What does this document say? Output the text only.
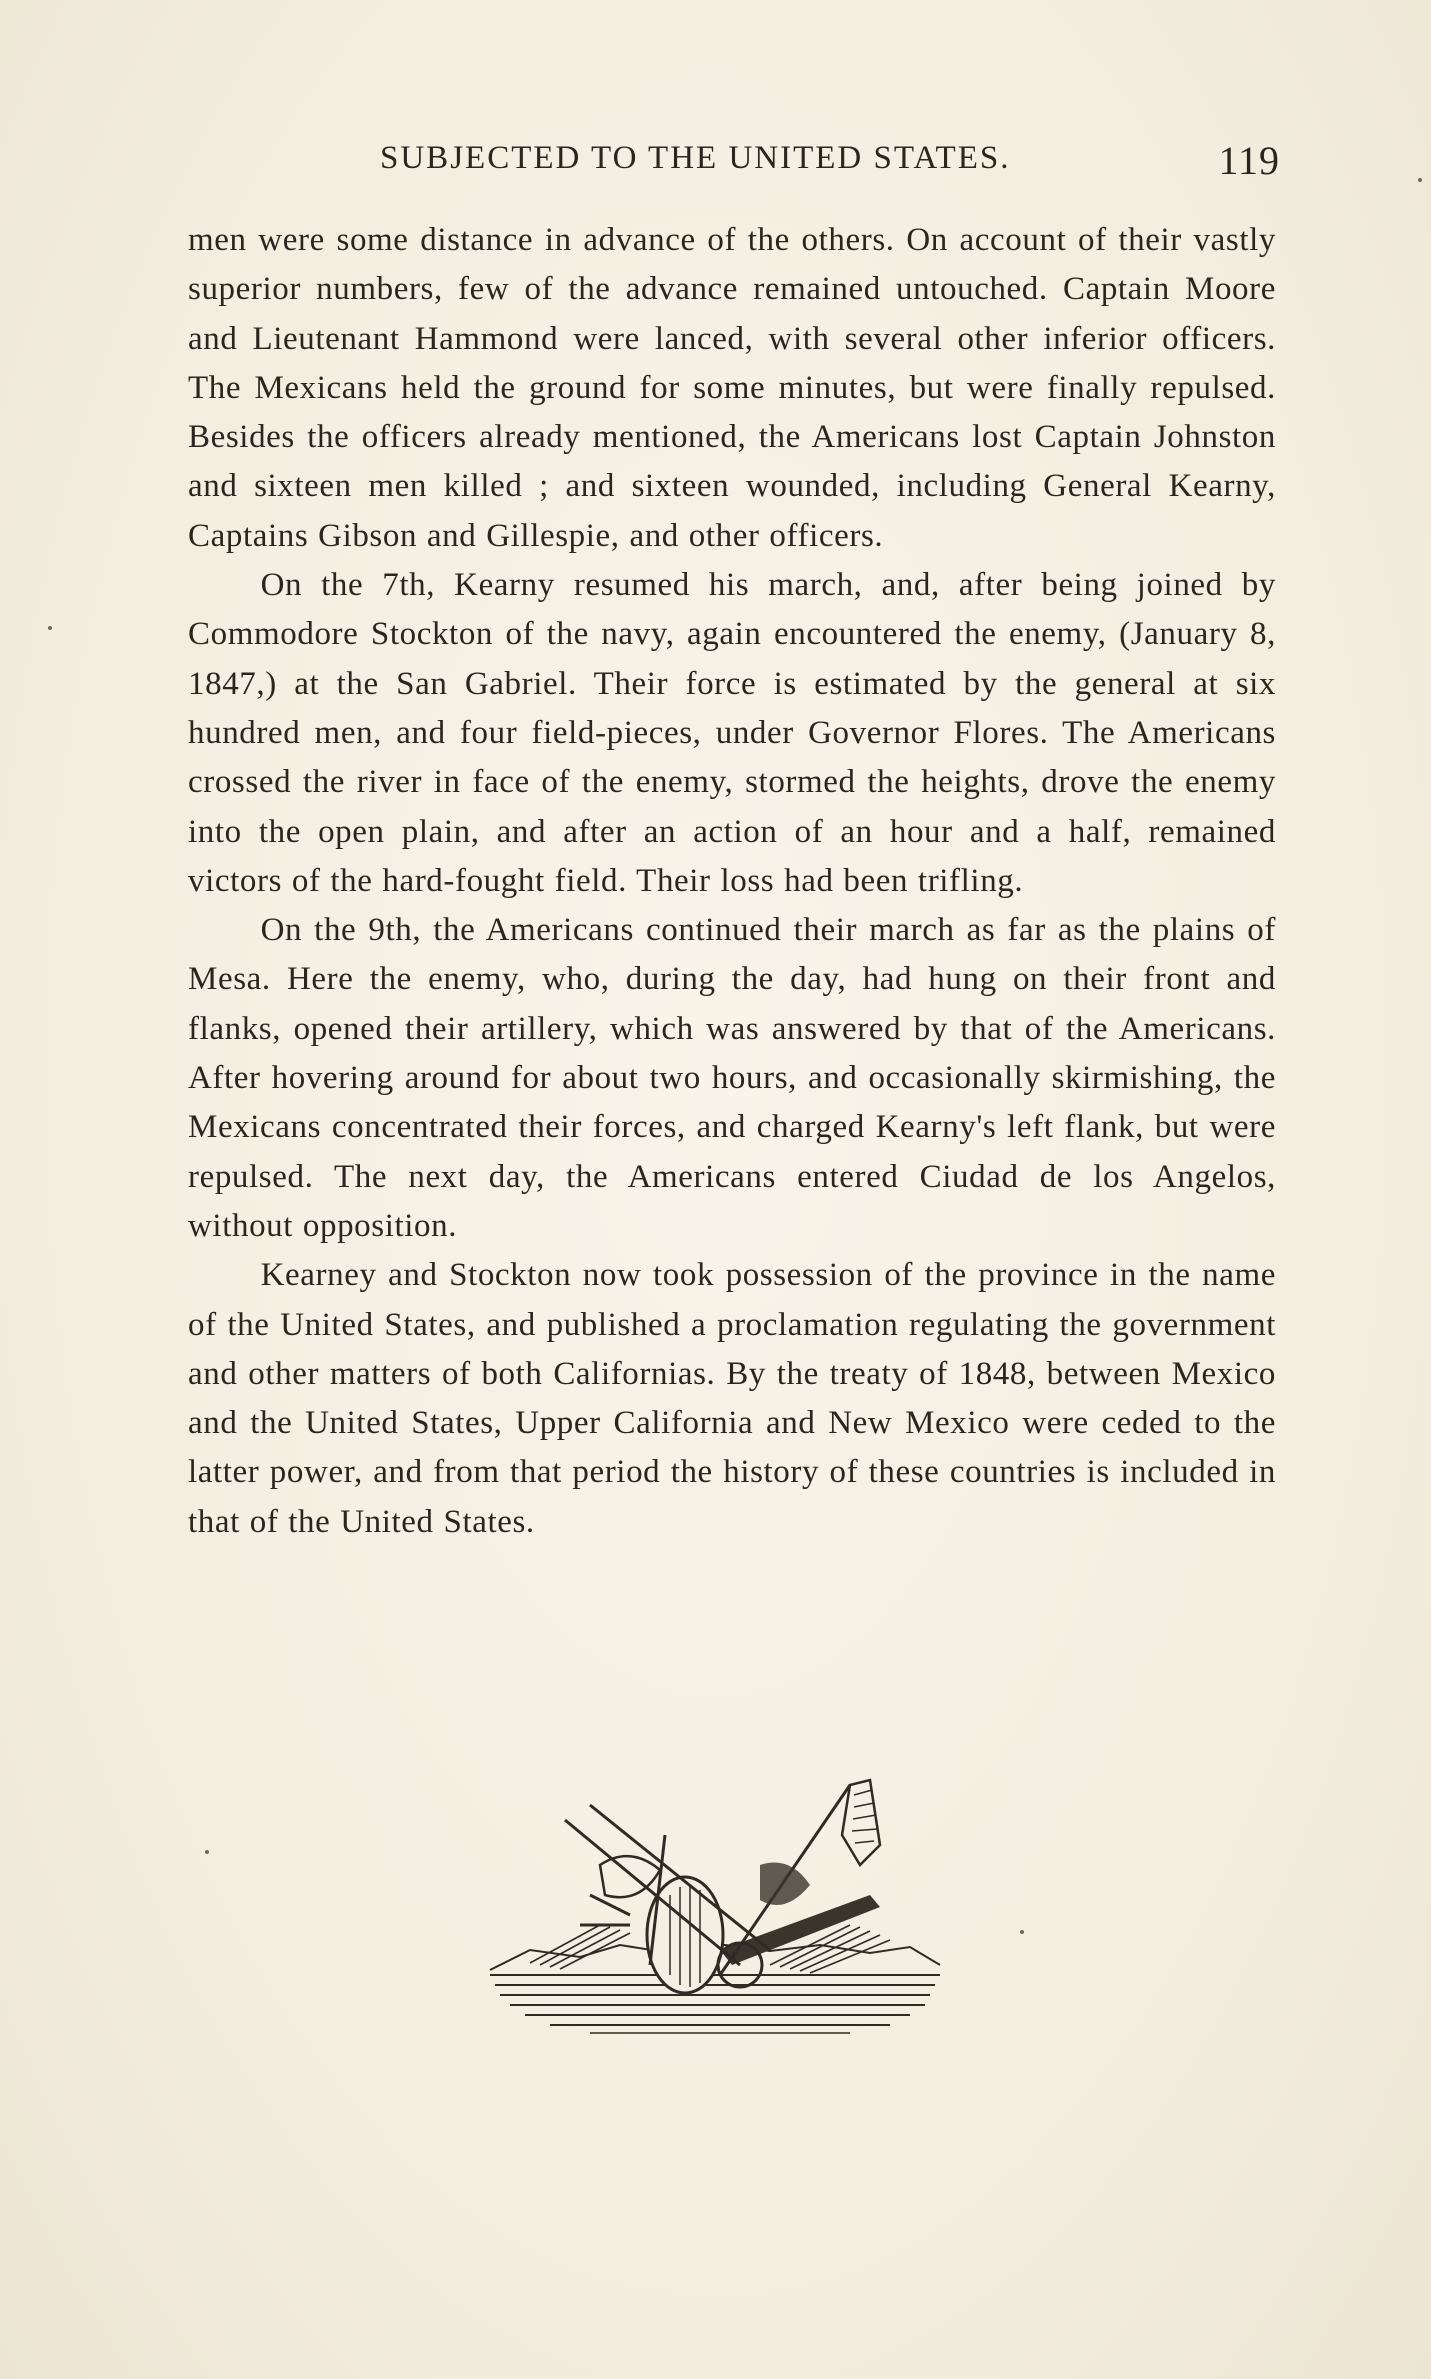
SUBJECTED TO THE UNITED STATES.	119

men were some distance in advance of the others. On account of their vastly superior numbers, few of the advance remained untouched. Captain Moore and Lieutenant Hammond were lanced, with several other inferior officers. The Mexicans held the ground for some minutes, but were finally repulsed. Besides the officers already mentioned, the Americans lost Captain Johnston and sixteen men killed ; and sixteen wounded, including General Kearny, Captains Gibson and Gillespie, and other officers.

On the 7th, Kearny resumed his march, and, after being joined by Commodore Stockton of the navy, again encountered the enemy, (January 8, 1847,) at the San Gabriel. Their force is estimated by the general at six hundred men, and four field-pieces, under Governor Flores. The Americans crossed the river in face of the enemy, stormed the heights, drove the enemy into the open plain, and after an action of an hour and a half, remained victors of the hard-fought field. Their loss had been trifling.

On the 9th, the Americans continued their march as far as the plains of Mesa. Here the enemy, who, during the day, had hung on their front and flanks, opened their artillery, which was answered by that of the Americans. After hovering around for about two hours, and occasionally skirmishing, the Mexicans concentrated their forces, and charged Kearny's left flank, but were repulsed. The next day, the Americans entered Ciudad de los Angelos, without opposition.

Kearney and Stockton now took possession of the province in the name of the United States, and published a proclamation regulating the government and other matters of both Californias. By the treaty of 1848, between Mexico and the United States, Upper California and New Mexico were ceded to the latter power, and from that period the history of these countries is included in that of the United States.
